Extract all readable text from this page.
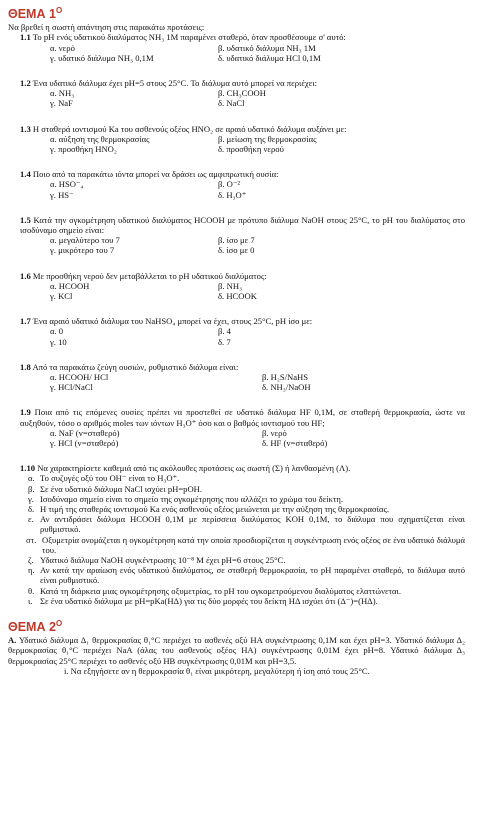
ΘΕΜΑ $1^O$
Να βρεθεί η σωστή απάντηση στις παρακάτω προτάσεις:
1.1 Το pH ενός υδατικού διαλύματος NH₃ 1M παραμένει σταθερό, όταν προσθέσουμε σ' αυτό:
α. νερό	β. υδατικό διάλυμα NH₃ 1M
γ. υδατικό διάλυμα NH₃ 0,1M	δ. υδατικό διάλυμα HCl 0,1M
1.2 Ένα υδατικό διάλυμα έχει pH=5 στους 25°C. Το διάλυμα αυτό μπορεί να περιέχει:
α. NH₃	β. CH₃COOH
γ. NaF	δ. NaCl
1.3 Η σταθερά ιοντισμού Ka του ασθενούς οξέος HNO₂ σε αραιό υδατικό διάλυμα αυξάνει με:
α. αύξηση της θερμοκρασίας	β. μείωση της θερμοκρασίας
γ. προσθήκη HNO₂	δ. προσθήκη νερού
1.4 Ποιο από τα παρακάτω ιόντα μπορεί να δράσει ως αμφιπρωτική ουσία:
α. HSO⁻₄	β. O⁻²
γ. HS⁻	δ. H₃O⁺
1.5 Κατά την ογκομέτρηση υδατικού διαλύματος HCOOH με πρότυπο διάλυμα NaOH στους 25°C, το pH του διαλύματος στο ισοδύναμο σημείο είναι:
α. μεγαλύτερο του 7	β. ίσο με 7
γ. μικρότερο του 7	δ. ίσο με 0
1.6 Με προσθήκη νερού δεν μεταβάλλεται το pH υδατικού διαλύματος:
α. HCOOH	β. NH₃
γ. KCl	δ. HCOOK
1.7 Ένα αραιό υδατικό διάλυμα του NaHSO₄ μπορεί να έχει, στους 25°C, pH ίσο με:
α. 0	β. 4
γ. 10	δ. 7
1.8 Από τα παρακάτω ζεύγη ουσιών, ρυθμιστικό διάλυμα είναι:
α. HCOOH/ HCl	β. H₂S/NaHS
γ. HCl/NaCl	δ. NH₃/NaOH
1.9 Ποια από τις επόμενες ουσίες πρέπει να προστεθεί σε υδατικό διάλυμα HF 0,1M, σε σταθερή θερμοκρασία, ώστε να αυξηθούν, τόσο ο αριθμός moles των ιόντων H₃O⁺ όσο και ο βαθμός ιοντισμού του HF;
α. NaF (v=σταθερό)	β. νερό
γ. HCl (v=σταθερό)	δ. HF (v=σταθερό)
1.10 Να χαρακτηρίσετε καθεμιά από τις ακόλουθες προτάσεις ως σωστή (Σ) ή λανθασμένη (Λ).
α. Το συζυγές οξύ του OH⁻ είναι το H₃O⁺.
β. Σε ένα υδατικό διάλυμα NaCl ισχύει pH=pOH.
γ. Ισοδύναμο σημείο είναι το σημείο της ογκομέτρησης που αλλάζει το χρώμα του δείκτη.
δ. Η τιμή της σταθεράς ιοντισμού Ka ενός ασθενούς οξέος μειώνεται με την αύξηση της θερμοκρασίας.
ε. Αν αντιδράσει διάλυμα HCOOH 0,1M με περίσσεια διαλύματος KOH 0,1M, το διάλυμα που σχηματίζεται είναι ρυθμιστικό.
στ. Οξυμετρία ονομάζεται η ογκομέτρηση κατά την οποία προσδιορίζεται η συγκέντρωση ενός οξέος σε ένα υδατικό διάλυμά του.
ζ. Υδατικό διάλυμα NaOH συγκέντρωσης 10⁻⁸ M έχει pH=6 στους 25°C.
η. Αν κατά την αραίωση ενός υδατικού διαλύματος, σε σταθερή θερμοκρασία, το pH παραμένει σταθερό, το διάλυμα αυτό είναι ρυθμιστικό.
θ. Κατά τη διάρκεια μιας ογκομέτρησης οξυμετρίας, το pH του ογκομετρούμενου διαλύματος ελαττώνεται.
ι. Σε ένα υδατικό διάλυμα με pH=pKa(HΔ) για τις δύο μορφές του δείκτη HΔ ισχύει ότι (Δ⁻)=(HΔ).
ΘΕΜΑ $2^O$
Α. Υδατικό διάλυμα Δ₁ θερμοκρασίας θ₁°C περιέχει το ασθενές οξύ HA συγκέντρωσης 0,1M και έχει pH=3. Υδατικό διάλυμα Δ₂ θερμοκρασίας θ₁°C περιέχει NaA (άλας του ασθενούς οξέος HA) συγκέντρωσης 0,01M έχει pH=8. Υδατικό διάλυμα Δ₃ θερμοκρασίας 25°C περιέχει το ασθενές οξύ HB συγκέντρωσης 0,01M και pH=3,5.
i. Να εξηγήσετε αν η θερμοκρασία θ₁ είναι μικρότερη, μεγαλύτερη ή ίση από τους 25°C.
